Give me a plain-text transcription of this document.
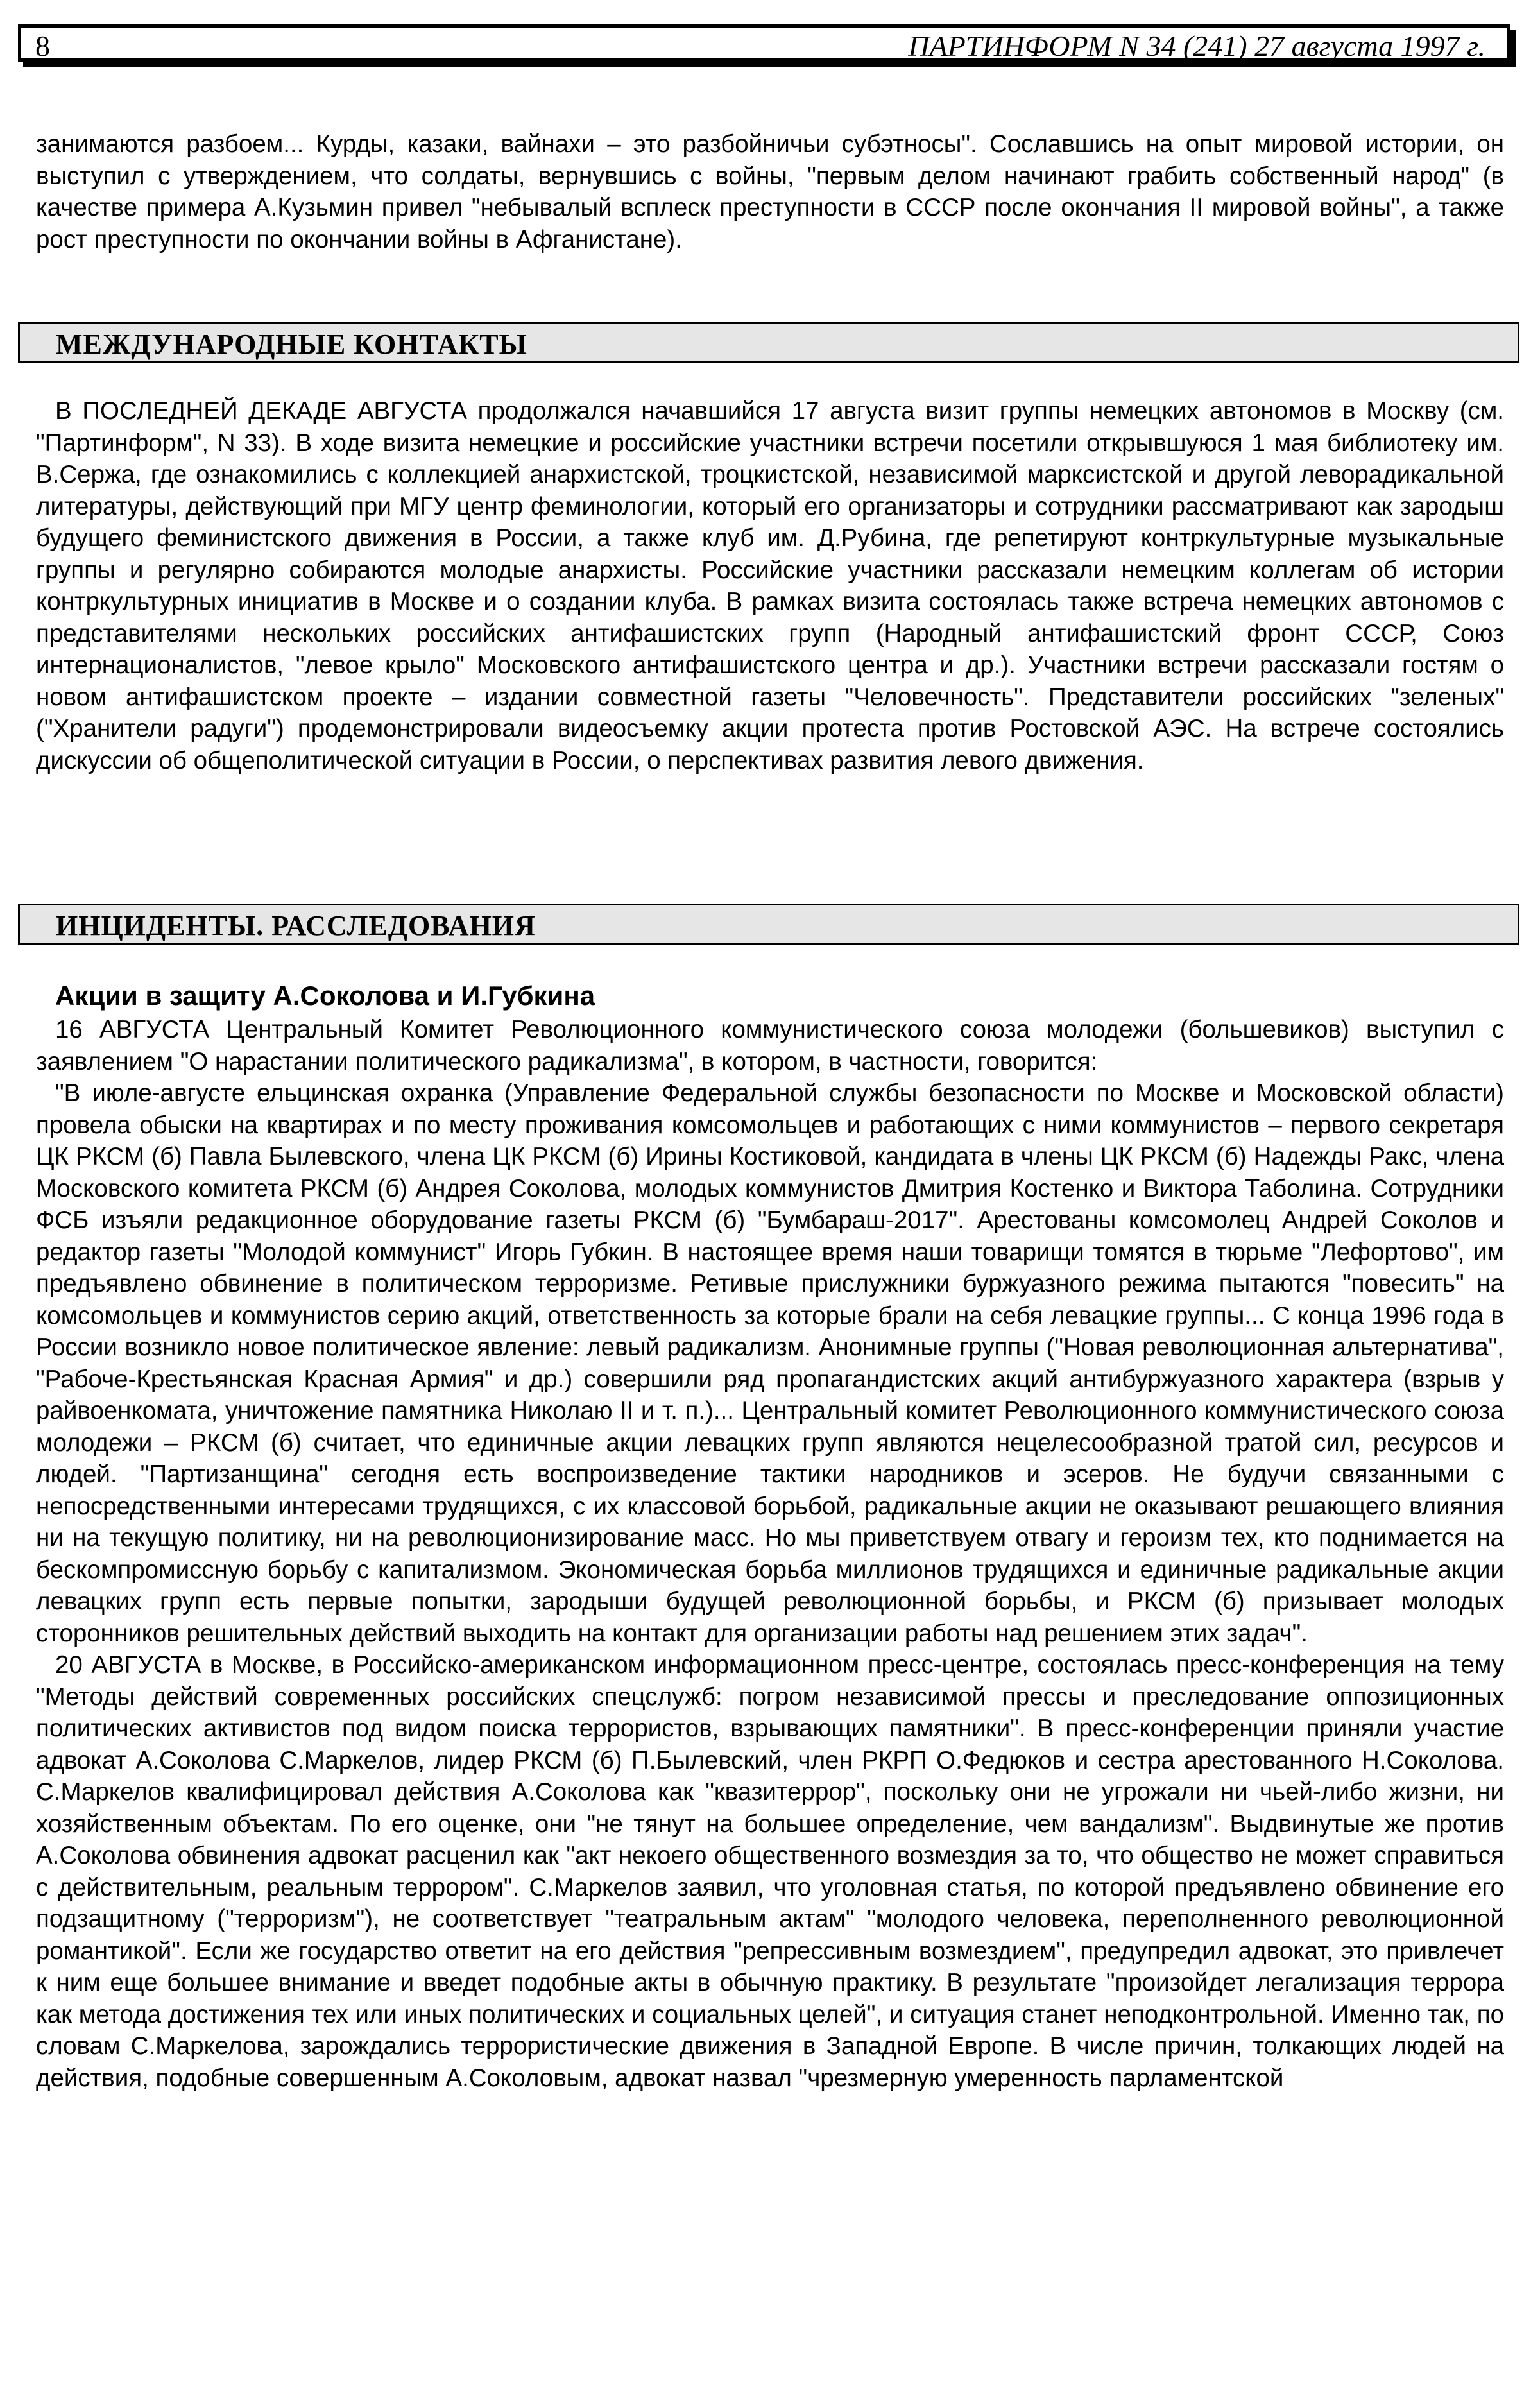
8	ПАРТИНФОРМ N 34 (241) 27 августа 1997 г.

занимаются разбоем... Курды, казаки, вайнахи – это разбойничьи субэтносы". Сославшись на опыт мировой истории, он выступил с утверждением, что солдаты, вернувшись с войны, "первым делом начинают грабить собственный народ" (в качестве примера А.Кузьмин привел "небывалый всплеск преступности в СССР после окончания II мировой войны", а также рост преступности по окончании войны в Афганистане).

МЕЖДУНАРОДНЫЕ КОНТАКТЫ

В ПОСЛЕДНЕЙ ДЕКАДЕ АВГУСТА продолжался начавшийся 17 августа визит группы немецких автономов в Москву (см. "Партинформ", N 33). В ходе визита немецкие и российские участники встречи посетили открывшуюся 1 мая библиотеку им. В.Сержа, где ознакомились с коллекцией анархистской, троцкистской, независимой марксистской и другой леворадикальной литературы, действующий при МГУ центр феминологии, который его организаторы и сотрудники рассматривают как зародыш будущего феминистского движения в России, а также клуб им. Д.Рубина, где репетируют контркультурные музыкальные группы и регулярно собираются молодые анархисты. Российские участники рассказали немецким коллегам об истории контркультурных инициатив в Москве и о создании клуба. В рамках визита состоялась также встреча немецких автономов с представителями нескольких российских антифашистских групп (Народный антифашистский фронт СССР, Союз интернационалистов, "левое крыло" Московского антифашистского центра и др.). Участники встречи рассказали гостям о новом антифашистском проекте – издании совместной газеты "Человечность". Представители российских "зеленых" ("Хранители радуги") продемонстрировали видеосъемку акции протеста против Ростовской АЭС. На встрече состоялись дискуссии об общеполитической ситуации в России, о перспективах развития левого движения.

ИНЦИДЕНТЫ. РАССЛЕДОВАНИЯ
Акции в защиту А.Соколова и И.Губкина

16 АВГУСТА Центральный Комитет Революционного коммунистического союза молодежи (большевиков) выступил с заявлением "О нарастании политического радикализма", в котором, в частности, говорится:

"В июле-августе ельцинская охранка (Управление Федеральной службы безопасности по Москве и Московской области) провела обыски на квартирах и по месту проживания комсомольцев и работающих с ними коммунистов – первого секретаря ЦК РКСМ (б) Павла Былевского, члена ЦК РКСМ (б) Ирины Костиковой, кандидата в члены ЦК РКСМ (б) Надежды Ракс, члена Московского комитета РКСМ (б) Андрея Соколова, молодых коммунистов Дмитрия Костенко и Виктора Таболина. Сотрудники ФСБ изъяли редакционное оборудование газеты РКСМ (б) "Бумбараш-2017". Арестованы комсомолец Андрей Соколов и редактор газеты "Молодой коммунист" Игорь Губкин. В настоящее время наши товарищи томятся в тюрьме "Лефортово", им предъявлено обвинение в политическом терроризме. Ретивые прислужники буржуазного режима пытаются "повесить" на комсомольцев и коммунистов серию акций, ответственность за которые брали на себя левацкие группы... С конца 1996 года в России возникло новое политическое явление: левый радикализм. Анонимные группы ("Новая революционная альтернатива", "Рабоче-Крестьянская Красная Армия" и др.) совершили ряд пропагандистских акций антибуржуазного характера (взрыв у райвоенкомата, уничтожение памятника Николаю II и т. п.)... Центральный комитет Революционного коммунистического союза молодежи – РКСМ (б) считает, что единичные акции левацких групп являются нецелесообразной тратой сил, ресурсов и людей. "Партизанщина" сегодня есть воспроизведение тактики народников и эсеров. Не будучи связанными с непосредственными интересами трудящихся, с их классовой борьбой, радикальные акции не оказывают решающего влияния ни на текущую политику, ни на революционизирование масс. Но мы приветствуем отвагу и героизм тех, кто поднимается на бескомпромиссную борьбу с капитализмом. Экономическая борьба миллионов трудящихся и единичные радикальные акции левацких групп есть первые попытки, зародыши будущей революционной борьбы, и РКСМ (б) призывает молодых сторонников решительных действий выходить на контакт для организации работы над решением этих задач".

20 АВГУСТА в Москве, в Российско-американском информационном пресс-центре, состоялась пресс-конференция на тему "Методы действий современных российских спецслужб: погром независимой прессы и преследование оппозиционных политических активистов под видом поиска террористов, взрывающих памятники". В пресс-конференции приняли участие адвокат А.Соколова С.Маркелов, лидер РКСМ (б) П.Былевский, член РКРП О.Федюков и сестра арестованного Н.Соколова. С.Маркелов квалифицировал действия А.Соколова как "квазитеррор", поскольку они не угрожали ни чьей-либо жизни, ни хозяйственным объектам. По его оценке, они "не тянут на большее определение, чем вандализм". Выдвинутые же против А.Соколова обвинения адвокат расценил как "акт некоего общественного возмездия за то, что общество не может справиться с действительным, реальным террором". С.Маркелов заявил, что уголовная статья, по которой предъявлено обвинение его подзащитному ("терроризм"), не соответствует "театральным актам" "молодого человека, переполненного революционной романтикой". Если же государство ответит на его действия "репрессивным возмездием", предупредил адвокат, это привлечет к ним еще большее внимание и введет подобные акты в обычную практику. В результате "произойдет легализация террора как метода достижения тех или иных политических и социальных целей", и ситуация станет неподконтрольной. Именно так, по словам С.Маркелова, зарождались террористические движения в Западной Европе. В числе причин, толкающих людей на действия, подобные совершенным А.Соколовым, адвокат назвал "чрезмерную умеренность парламентской
